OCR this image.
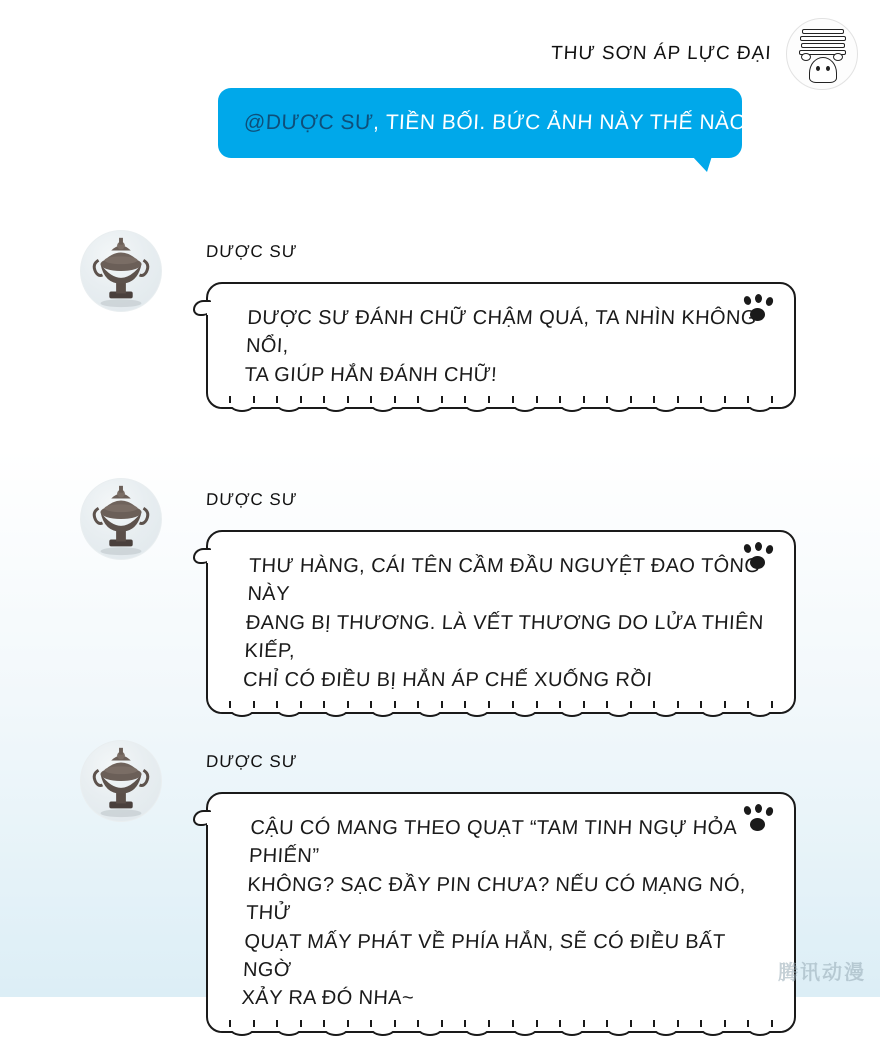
THƯ SƠN ÁP LỰC ĐẠI
@DƯỢC SƯ, TIỀN BỐI. BỨC ẢNH NÀY THẾ NÀO?
DƯỢC SƯ
DƯỢC SƯ ĐÁNH CHỮ CHẬM QUÁ, TA NHÌN KHÔNG NỔI,
TA GIÚP HẮN ĐÁNH CHỮ!
DƯỢC SƯ
THƯ HÀNG, CÁI TÊN CẦM ĐẦU NGUYỆT ĐAO TÔNG NÀY
ĐANG BỊ THƯƠNG. LÀ VẾT THƯƠNG DO LỬA THIÊN KIẾP,
CHỈ CÓ ĐIỀU BỊ HẮN ÁP CHẾ XUỐNG RỒI
DƯỢC SƯ
CẬU CÓ MANG THEO QUẠT “TAM TINH NGỰ HỎA PHIẾN”
KHÔNG? SẠC ĐẦY PIN CHƯA? NẾU CÓ MẠNG NÓ, THỬ
QUẠT MẤY PHÁT VỀ PHÍA HẮN, SẼ CÓ ĐIỀU BẤT NGỜ
XẢY RA ĐÓ NHA~
腾讯动漫
